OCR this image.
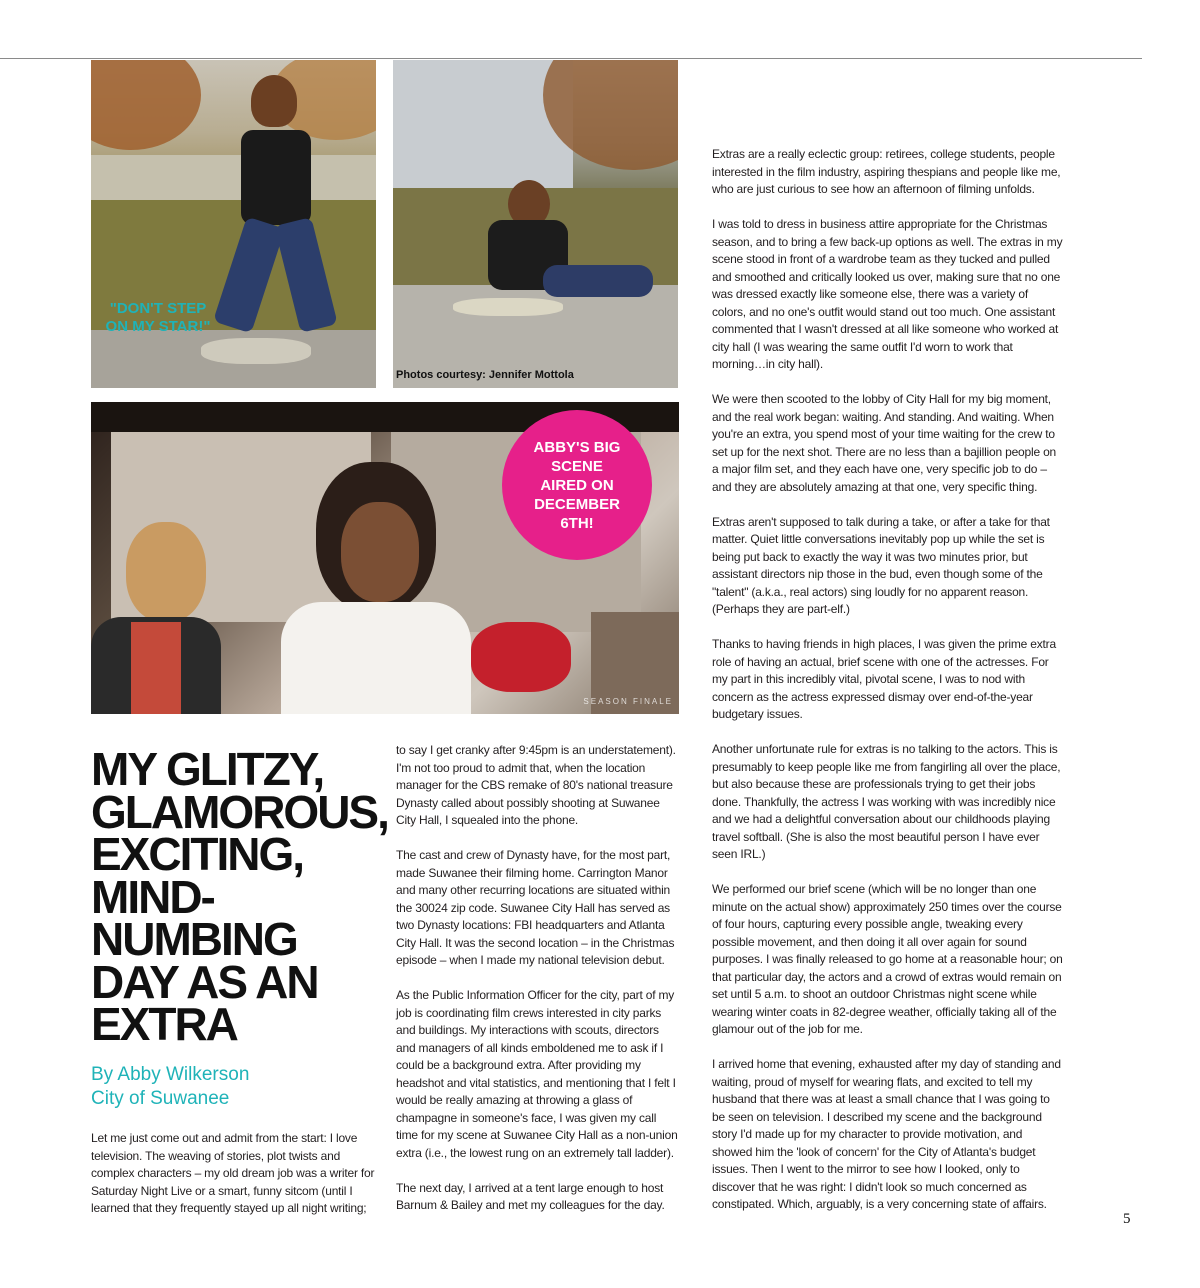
"DON'T STEP ON MY STAR!"
Photos courtesy: Jennifer Mottola
SEASON FINALE
ABBY'S BIG SCENE AIRED ON DECEMBER 6TH!
MY GLITZY, GLAMOROUS, EXCITING, MIND-NUMBING DAY AS AN EXTRA
By Abby Wilkerson
City of Suwanee

Let me just come out and admit from the start: I love television. The weaving of stories, plot twists and complex characters – my old dream job was a writer for Saturday Night Live or a smart, funny sitcom (until I learned that they frequently stayed up all night writing;

to say I get cranky after 9:45pm is an understatement). I'm not too proud to admit that, when the location manager for the CBS remake of 80's national treasure Dynasty called about possibly shooting at Suwanee City Hall, I squealed into the phone.

The cast and crew of Dynasty have, for the most part, made Suwanee their filming home. Carrington Manor and many other recurring locations are situated within the 30024 zip code. Suwanee City Hall has served as two Dynasty locations: FBI headquarters and Atlanta City Hall. It was the second location – in the Christmas episode – when I made my national television debut.

As the Public Information Officer for the city, part of my job is coordinating film crews interested in city parks and buildings. My interactions with scouts, directors and managers of all kinds emboldened me to ask if I could be a background extra. After providing my headshot and vital statistics, and mentioning that I felt I would be really amazing at throwing a glass of champagne in someone's face, I was given my call time for my scene at Suwanee City Hall as a non-union extra (i.e., the lowest rung on an extremely tall ladder).

The next day, I arrived at a tent large enough to host Barnum & Bailey and met my colleagues for the day.

Extras are a really eclectic group: retirees, college students, people interested in the film industry, aspiring thespians and people like me, who are just curious to see how an afternoon of filming unfolds.

I was told to dress in business attire appropriate for the Christmas season, and to bring a few back-up options as well. The extras in my scene stood in front of a wardrobe team as they tucked and pulled and smoothed and critically looked us over, making sure that no one was dressed exactly like someone else, there was a variety of colors, and no one's outfit would stand out too much. One assistant commented that I wasn't dressed at all like someone who worked at city hall (I was wearing the same outfit I'd worn to work that morning…in city hall).

We were then scooted to the lobby of City Hall for my big moment, and the real work began: waiting. And standing. And waiting. When you're an extra, you spend most of your time waiting for the crew to set up for the next shot. There are no less than a bajillion people on a major film set, and they each have one, very specific job to do – and they are absolutely amazing at that one, very specific thing.

Extras aren't supposed to talk during a take, or after a take for that matter. Quiet little conversations inevitably pop up while the set is being put back to exactly the way it was two minutes prior, but assistant directors nip those in the bud, even though some of the "talent" (a.k.a., real actors) sing loudly for no apparent reason. (Perhaps they are part-elf.)

Thanks to having friends in high places, I was given the prime extra role of having an actual, brief scene with one of the actresses. For my part in this incredibly vital, pivotal scene, I was to nod with concern as the actress expressed dismay over end-of-the-year budgetary issues.

Another unfortunate rule for extras is no talking to the actors. This is presumably to keep people like me from fangirling all over the place, but also because these are professionals trying to get their jobs done. Thankfully, the actress I was working with was incredibly nice and we had a delightful conversation about our childhoods playing travel softball. (She is also the most beautiful person I have ever seen IRL.)

We performed our brief scene (which will be no longer than one minute on the actual show) approximately 250 times over the course of four hours, capturing every possible angle, tweaking every possible movement, and then doing it all over again for sound purposes. I was finally released to go home at a reasonable hour; on that particular day, the actors and a crowd of extras would remain on set until 5 a.m. to shoot an outdoor Christmas night scene while wearing winter coats in 82-degree weather, officially taking all of the glamour out of the job for me.

I arrived home that evening, exhausted after my day of standing and waiting, proud of myself for wearing flats, and excited to tell my husband that there was at least a small chance that I was going to be seen on television. I described my scene and the background story I'd made up for my character to provide motivation, and showed him the 'look of concern' for the City of Atlanta's budget issues. Then I went to the mirror to see how I looked, only to discover that he was right: I didn't look so much concerned as constipated. Which, arguably, is a very concerning state of affairs.

5
